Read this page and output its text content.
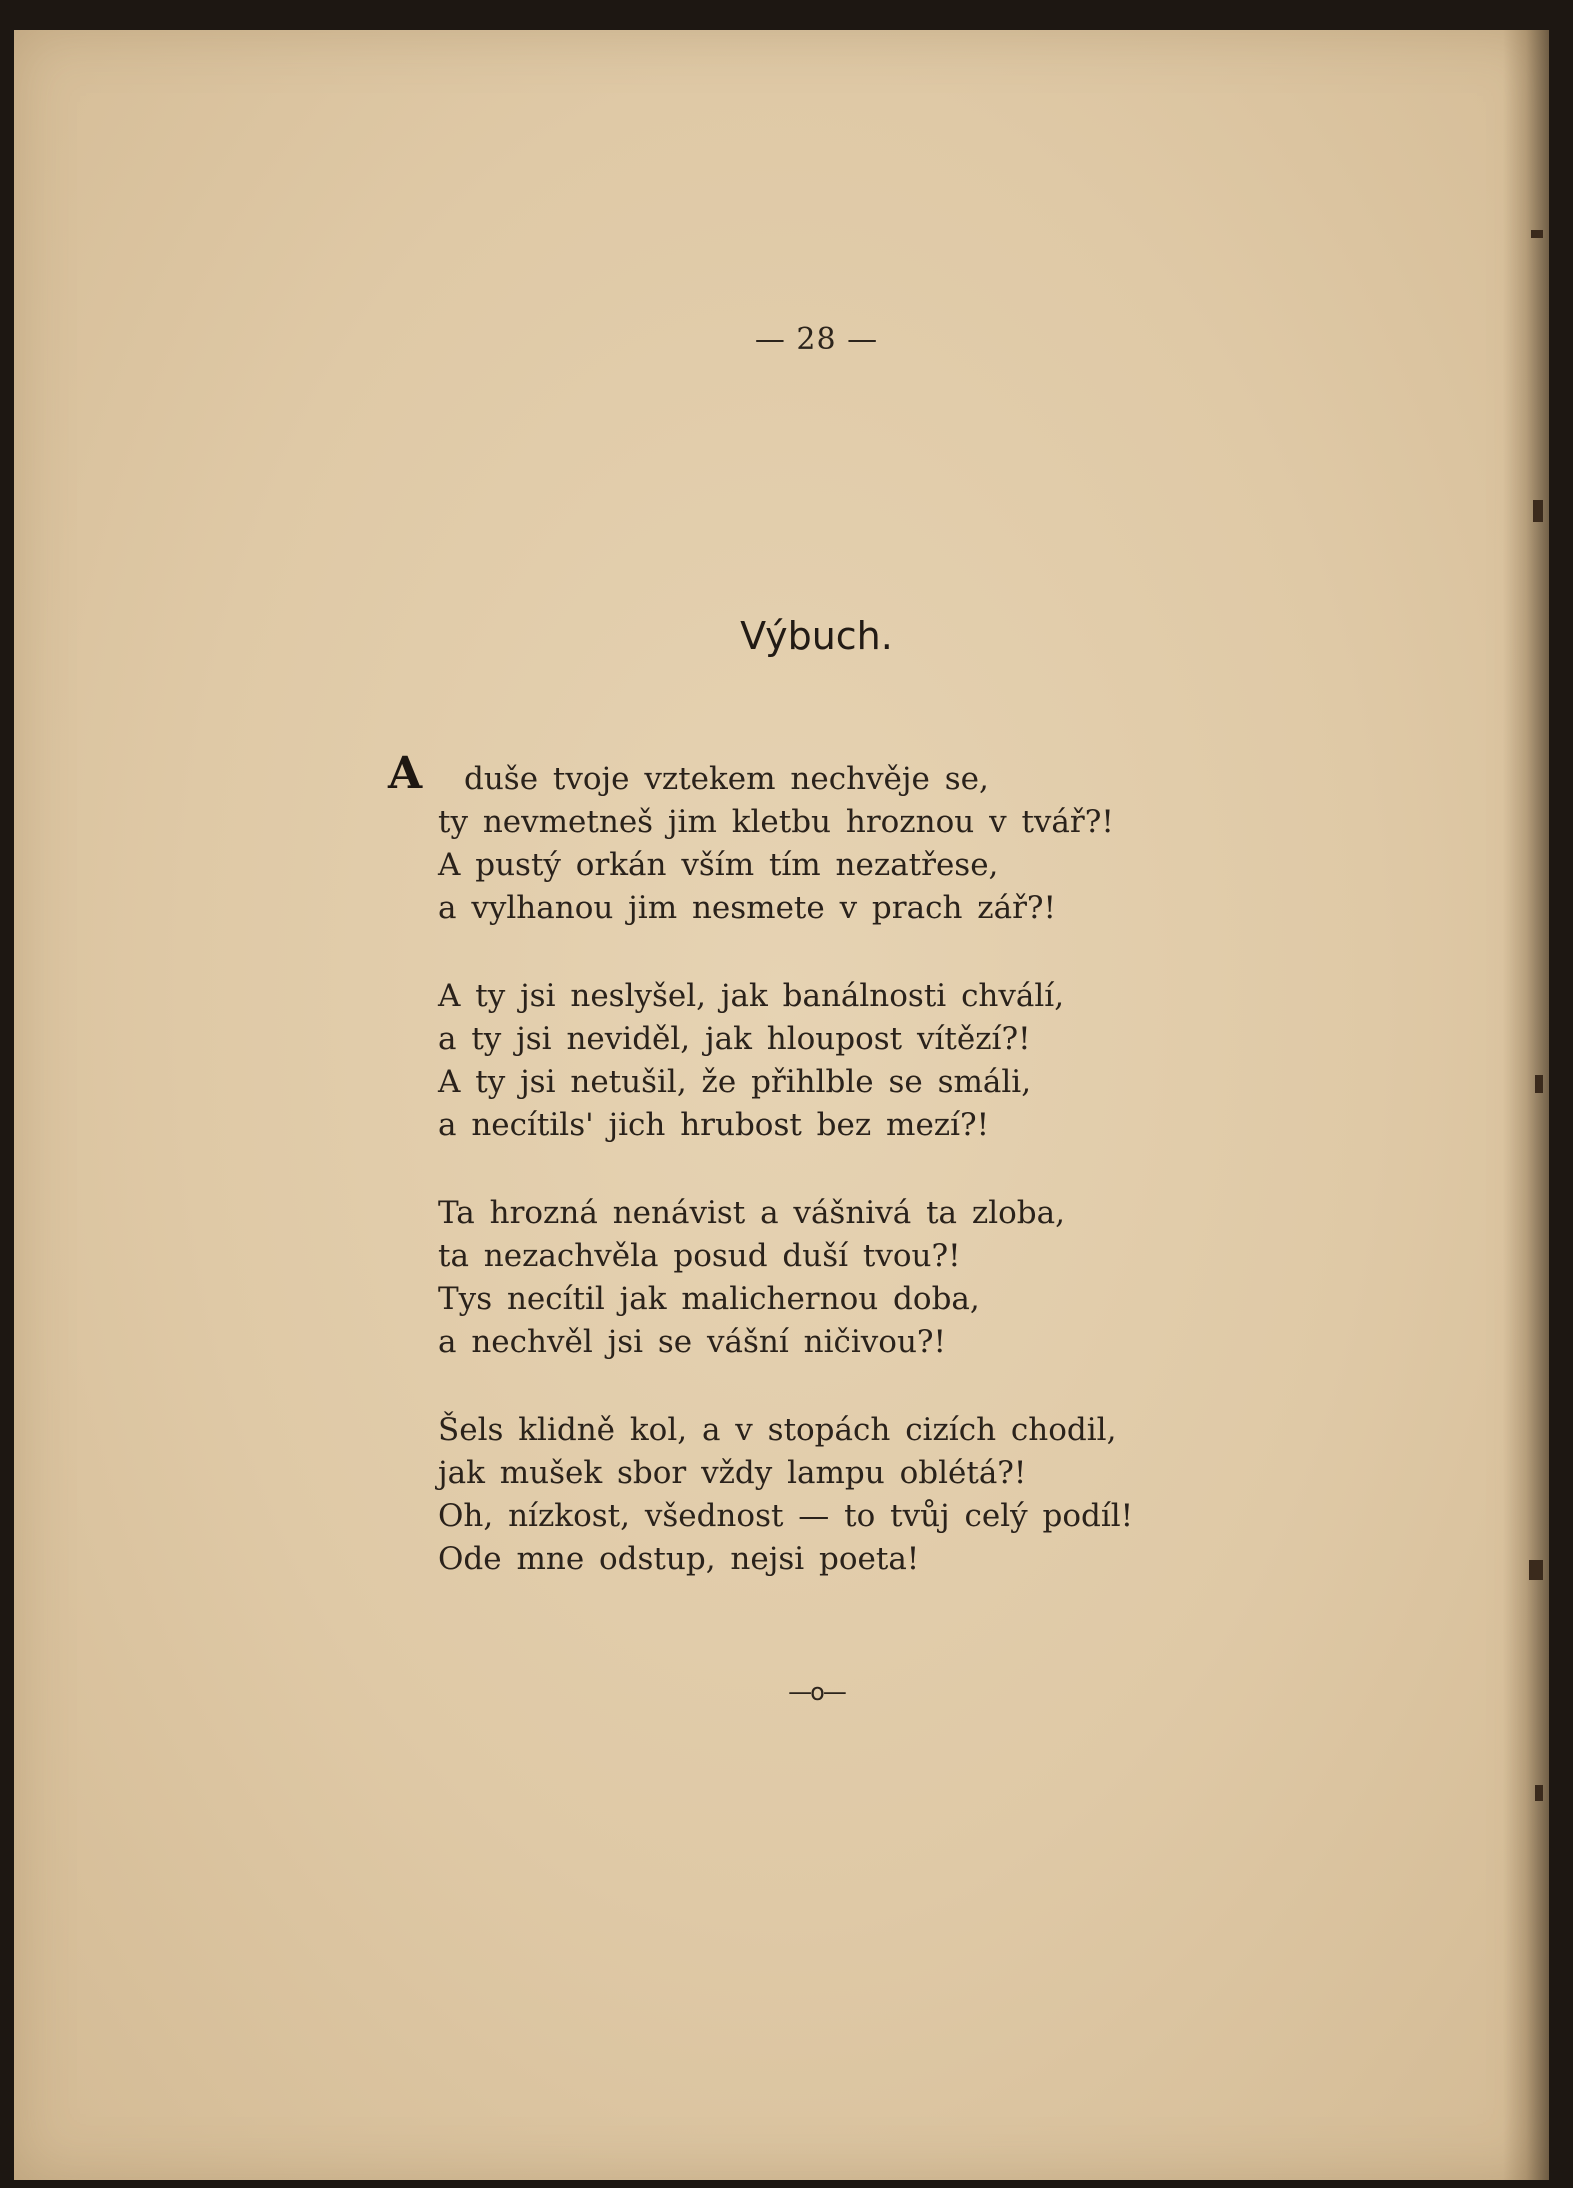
— 28 —
Výbuch.
A duše tvoje vztekem nechvěje se,
ty nevmetneš jim kletbu hroznou v tvář?!
A pustý orkán vším tím nezatřese,
a vylhanou jim nesmete v prach zář?!
A ty jsi neslyšel, jak banálnosti chválí,
a ty jsi neviděl, jak hloupost vítězí?!
A ty jsi netušil, že přihlble se smáli,
a necítils' jich hrubost bez mezí?!
Ta hrozná nenávist a vášnivá ta zloba,
ta nezachvěla posud duší tvou?!
Tys necítil jak malichernou doba,
a nechvěl jsi se vášní ničivou?!
Šels klidně kol, a v stopách cizích chodil,
jak mušek sbor vždy lampu oblétá?!
Oh, nízkost, všednost — to tvůj celý podíl!
Ode mne odstup, nejsi poeta!
—o—
